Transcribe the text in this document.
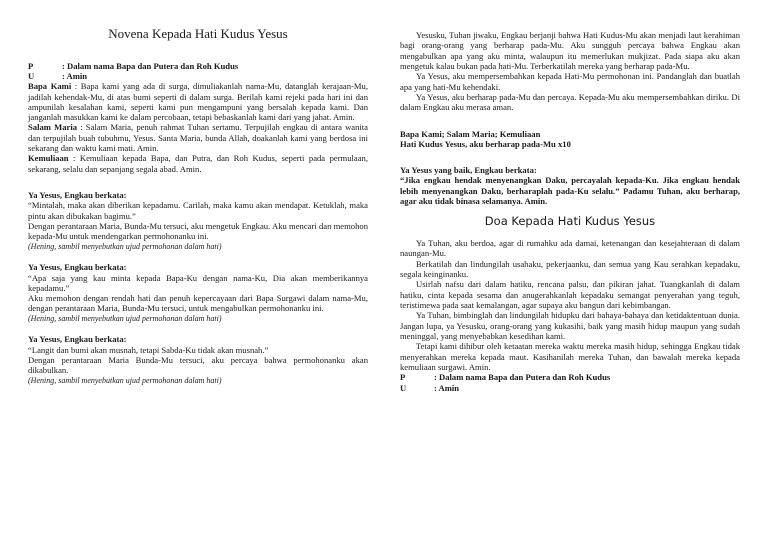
Novena Kepada Hati Kudus Yesus
P	: Dalam nama Bapa dan Putera dan Roh Kudus
U	: Amin

Bapa Kami : Bapa kami yang ada di surga, dimuliakanlah nama-Mu, datanglah kerajaan-Mu, jadilah kehendak-Mu, di atas bumi seperti di dalam surga. Berilah kami rejeki pada hari ini dan ampunilah kesalahan kami, seperti kami pun mengampuni yang bersalah kepada kami. Dan janganlah masukkan kami ke dalam percobaan, tetapi bebaskanlah kami dari yang jahat. Amin.

Salam Maria : Salam Maria, penuh rahmat Tuhan sertamu. Terpujilah engkau di antara wanita dan terpujilah buah tubuhmu, Yesus. Santa Maria, bunda Allah, doakanlah kami yang berdosa ini sekarang dan waktu kami mati. Amin.

Kemuliaan : Kemuliaan kepada Bapa, dan Putra, dan Roh Kudus, seperti pada permulaan, sekarang, selalu dan sepanjang segala abad. Amin.

Ya Yesus, Engkau berkata:

“Mintalah, maka akan diberikan kepadamu. Carilah, maka kamu akan mendapat. Ketuklah, maka pintu akan dibukakan bagimu.”

Dengan perantaraan Maria, Bunda-Mu tersuci, aku mengetuk Engkau. Aku mencari dan memohon kepada-Mu untuk mendengarkan permohonanku ini.

(Hening, sambil menyebutkan ujud permohonan dalam hati)

Ya Yesus, Engkau berkata:

“Apa saja yang kau minta kepada Bapa-Ku dengan nama-Ku, Dia akan memberikannya kepadamu.”

Aku memohon dengan rendah hati dan penuh kepercayaan dari Bapa Surgawi dalam nama-Mu, dengan perantaraan Maria, Bunda-Mu tersuci, untuk mengabulkan permohonanku ini.

(Hening, sambil menyebutkan ujud permohonan dalam hati)

Ya Yesus, Engkau berkata:

“Langit dan bumi akan musnah, tetapi Sabda-Ku tidak akan musnah.”

Dengan perantaraan Maria Bunda-Mu tersuci, aku percaya bahwa permohonanku akan dikabulkan.

(Hening, sambil menyebutkan ujud permohonan dalam hati)

Yesusku, Tuhan jiwaku, Engkau berjanji bahwa Hati Kudus-Mu akan menjadi laut kerahiman bagi orang-orang yang berharap pada-Mu. Aku sungguh percaya bahwa Engkau akan mengabulkan apa yang aku minta, walaupun itu memerlukan mukjizat. Pada siapa aku akan mengetuk kalau bukan pada hati-Mu. Terberkatilah mereka yang berharap pada-Mu.

Ya Yesus, aku mempersembahkan kepada Hati-Mu permohonan ini. Pandanglah dan buatlah apa yang hati-Mu kehendaki.

Ya Yesus, aku berharap pada-Mu dan percaya. Kepada-Mu aku mempersembahkan diriku. Di dalam Engkau aku merasa aman.

Bapa Kami; Salam Maria; Kemuliaan

Hati Kudus Yesus, aku berharap pada-Mu x10

Ya Yesus yang baik, Engkau berkata:

“Jika engkau hendak menyenangkan Daku, percayalah kepada-Ku. Jika engkau hendak lebih menyenangkan Daku, berharaplah pada-Ku selalu.” Padamu Tuhan, aku berharap, agar aku tidak binasa selamanya. Amin.

Doa Kepada Hati Kudus Yesus

Ya Tuhan, aku berdoa, agar di rumahku ada damai, ketenangan dan kesejahteraan di dalam naungan-Mu.

Berkatilah dan lindungilah usahaku, pekerjaanku, dan semua yang Kau serahkan kepadaku, segala keinginanku.

Usirlah nafsu dari dalam hatiku, rencana palsu, dan pikiran jahat. Tuangkanlah di dalam hatiku, cinta kepada sesama dan anugerahkanlah kepadaku semangat penyerahan yang teguh, teristimewa pada saat kemalangan, agar supaya aku bangun dari kebimbangan.

Ya Tuhan, bimbinglah dan lindungilah hidupku dari bahaya-bahaya dan ketidaktentuan dunia. Jangan lupa, ya Yesusku, orang-orang yang kukasihi, baik yang masih hidup maupun yang sudah meninggal, yang menyebabkan kesedihan kami.

Tetapi kami dihibur oleh ketaatan mereka waktu mereka masih hidup, sehingga Engkau tidak menyerahkan mereka kepada maut. Kasihanilah mereka Tuhan, dan bawalah mereka kepada kemuliaan surgawi. Amin.

P	: Dalam nama Bapa dan Putera dan Roh Kudus
U	: Amin
